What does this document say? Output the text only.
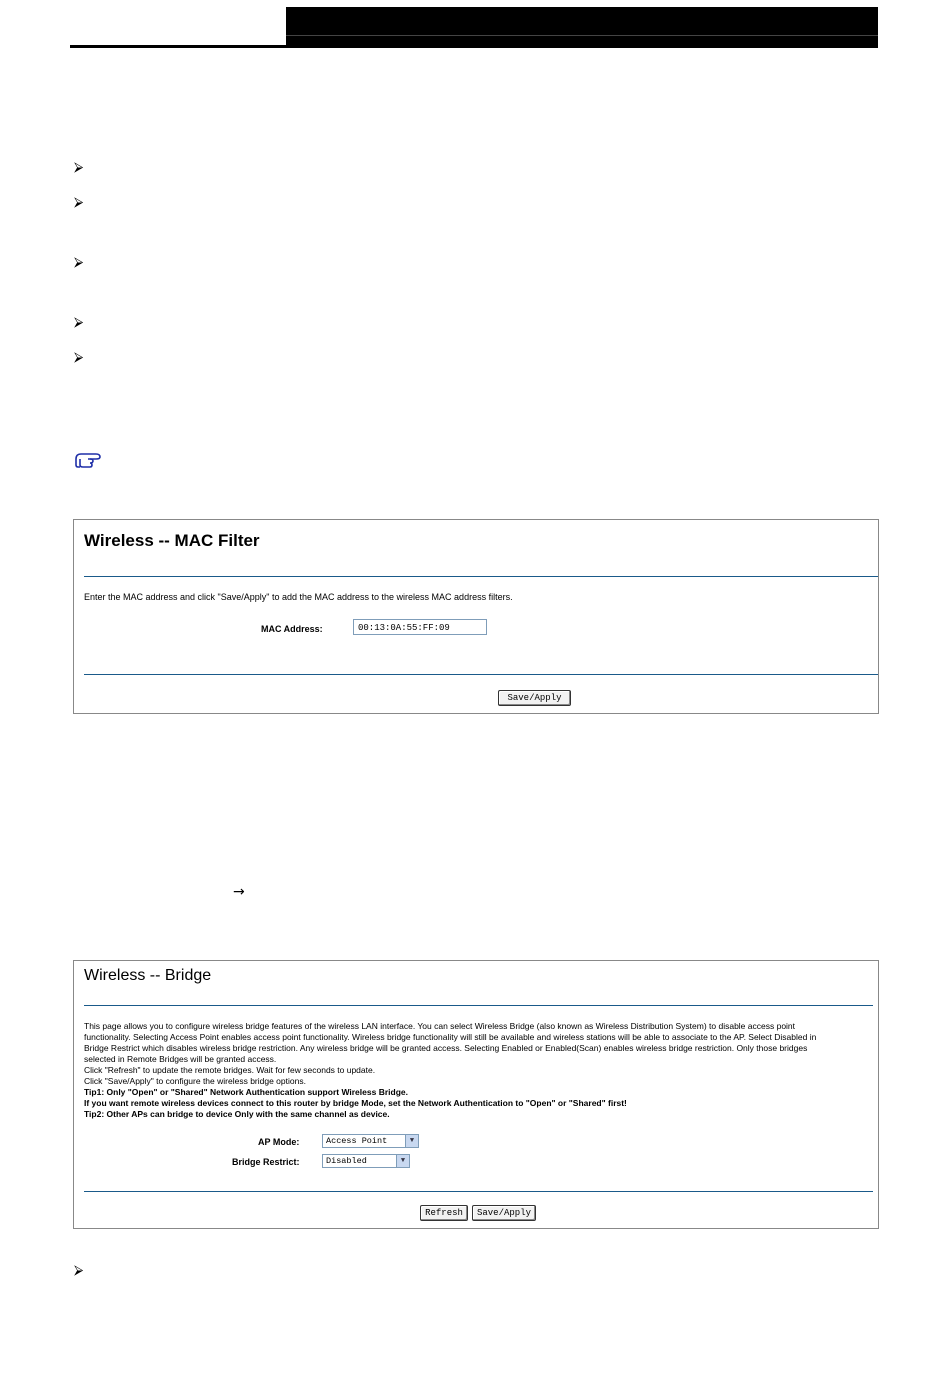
⮚
⮚
⮚
⮚
⮚
Wireless -- MAC Filter
Enter the MAC address and click "Save/Apply" to add the MAC address to the wireless MAC address filters.
MAC Address:	00:13:0A:55:FF:09
Save/Apply
→
Wireless -- Bridge
This page allows you to configure wireless bridge features of the wireless LAN interface. You can select Wireless Bridge (also known as Wireless Distribution System) to disable access point
functionality. Selecting Access Point enables access point functionality. Wireless bridge functionality will still be available and wireless stations will be able to associate to the AP. Select Disabled in
Bridge Restrict which disables wireless bridge restriction. Any wireless bridge will be granted access. Selecting Enabled or Enabled(Scan) enables wireless bridge restriction. Only those bridges
selected in Remote Bridges will be granted access.
Click "Refresh" to update the remote bridges. Wait for few seconds to update.
Click "Save/Apply" to configure the wireless bridge options.
Tip1: Only "Open" or "Shared" Network Authentication support Wireless Bridge.
If you want remote wireless devices connect to this router by bridge Mode, set the Network Authentication to "Open" or "Shared" first!
Tip2: Other APs can bridge to device Only with the same channel as device.
AP Mode:	Access Point	▼
Bridge Restrict:	Disabled	▼
Refresh	Save/Apply
⮚
